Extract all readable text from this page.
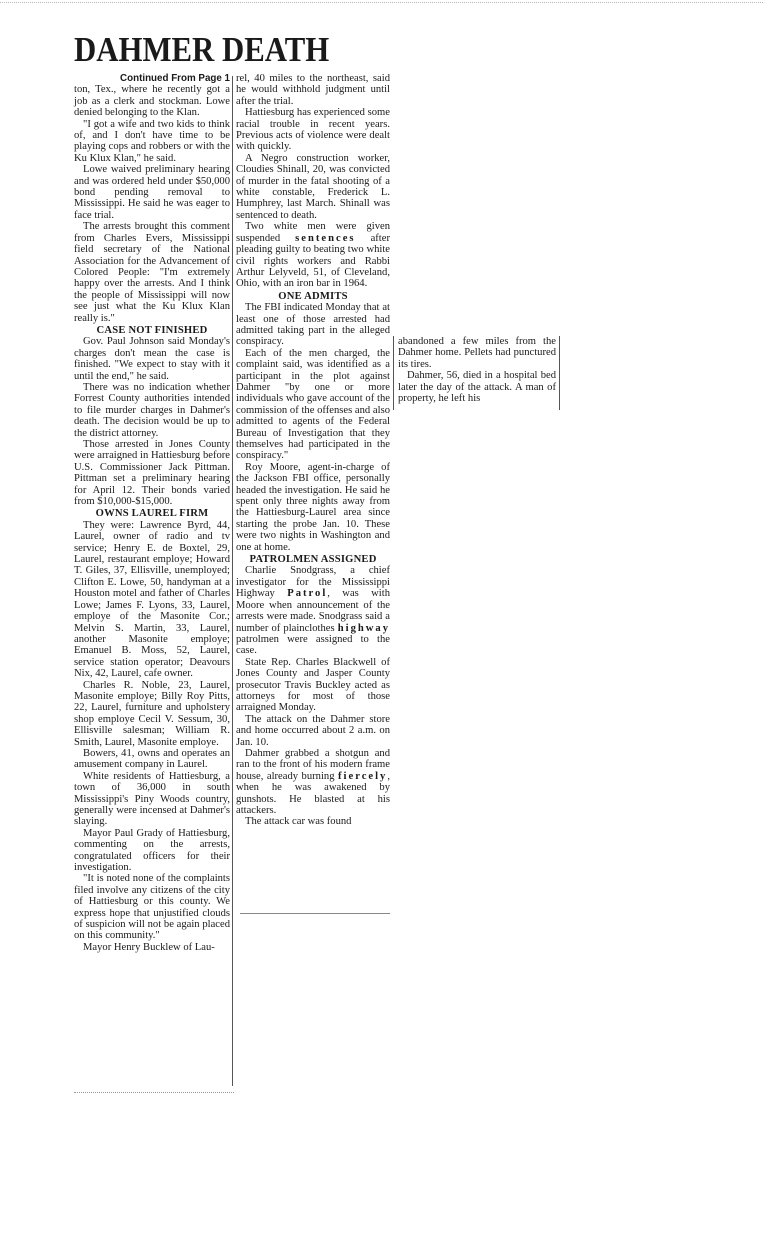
DAHMER DEATH

Continued From Page 1

ton, Tex., where he recently got a job as a clerk and stockman. Lowe denied belonging to the Klan.

"I got a wife and two kids to think of, and I don't have time to be playing cops and robbers or with the Ku Klux Klan," he said.

Lowe waived preliminary hearing and was ordered held under $50,000 bond pending removal to Mississippi. He said he was eager to face trial.

The arrests brought this comment from Charles Evers, Mississippi field secretary of the National Association for the Advancement of Colored People: "I'm extremely happy over the arrests. And I think the people of Mississippi will now see just what the Ku Klux Klan really is."

CASE NOT FINISHED

Gov. Paul Johnson said Monday's charges don't mean the case is finished. "We expect to stay with it until the end," he said.

There was no indication whether Forrest County authorities intended to file murder charges in Dahmer's death. The decision would be up to the district attorney.

Those arrested in Jones County were arraigned in Hattiesburg before U.S. Commissioner Jack Pittman. Pittman set a preliminary hearing for April 12. Their bonds varied from $10,000-$15,000.

OWNS LAUREL FIRM

They were: Lawrence Byrd, 44, Laurel, owner of radio and tv service; Henry E. de Boxtel, 29, Laurel, restaurant employe; Howard T. Giles, 37, Ellisville, unemployed; Clifton E. Lowe, 50, handyman at a Houston motel and father of Charles Lowe; James F. Lyons, 33, Laurel, employe of the Masonite Cor.; Melvin S. Martin, 33, Laurel, another Masonite employe; Emanuel B. Moss, 52, Laurel, service station operator; Deavours Nix, 42, Laurel, cafe owner.

Charles R. Noble, 23, Laurel, Masonite employe; Billy Roy Pitts, 22, Laurel, furniture and upholstery shop employe Cecil V. Sessum, 30, Ellisville salesman; William R. Smith, Laurel, Masonite employe.

Bowers, 41, owns and operates an amusement company in Laurel.

White residents of Hattiesburg, a town of 36,000 in south Mississippi's Piny Woods country, generally were incensed at Dahmer's slaying.

Mayor Paul Grady of Hattiesburg, commenting on the arrests, congratulated officers for their investigation.

"It is noted none of the complaints filed involve any citizens of the city of Hattiesburg or this county. We express hope that unjustified clouds of suspicion will not be again placed on this community."

Mayor Henry Bucklew of Lau-

rel, 40 miles to the northeast, said he would withhold judgment until after the trial.

Hattiesburg has experienced some racial trouble in recent years. Previous acts of violence were dealt with quickly.

A Negro construction worker, Cloudies Shinall, 20, was convicted of murder in the fatal shooting of a white constable, Frederick L. Humphrey, last March. Shinall was sentenced to death.

Two white men were given suspended sentences after pleading guilty to beating two white civil rights workers and Rabbi Arthur Lelyveld, 51, of Cleveland, Ohio, with an iron bar in 1964.

ONE ADMITS

The FBI indicated Monday that at least one of those arrested had admitted taking part in the alleged conspiracy.

Each of the men charged, the complaint said, was identified as a participant in the plot against Dahmer "by one or more individuals who gave account of the commission of the offenses and also admitted to agents of the Federal Bureau of Investigation that they themselves had participated in the conspiracy."

Roy Moore, agent-in-charge of the Jackson FBI office, personally headed the investigation. He said he spent only three nights away from the Hattiesburg-Laurel area since starting the probe Jan. 10. These were two nights in Washington and one at home.

PATROLMEN ASSIGNED

Charlie Snodgrass, a chief investigator for the Mississippi Highway Patrol, was with Moore when announcement of the arrests were made. Snodgrass said a number of plainclothes highway patrolmen were assigned to the case.

State Rep. Charles Blackwell of Jones County and Jasper County prosecutor Travis Buckley acted as attorneys for most of those arraigned Monday.

The attack on the Dahmer store and home occurred about 2 a.m. on Jan. 10.

Dahmer grabbed a shotgun and ran to the front of his modern frame house, already burning fiercely, when he was awakened by gunshots. He blasted at his attackers.

The attack car was found

abandoned a few miles from the Dahmer home. Pellets had punctured its tires.

Dahmer, 56, died in a hospital bed later the day of the attack. A man of property, he left his
